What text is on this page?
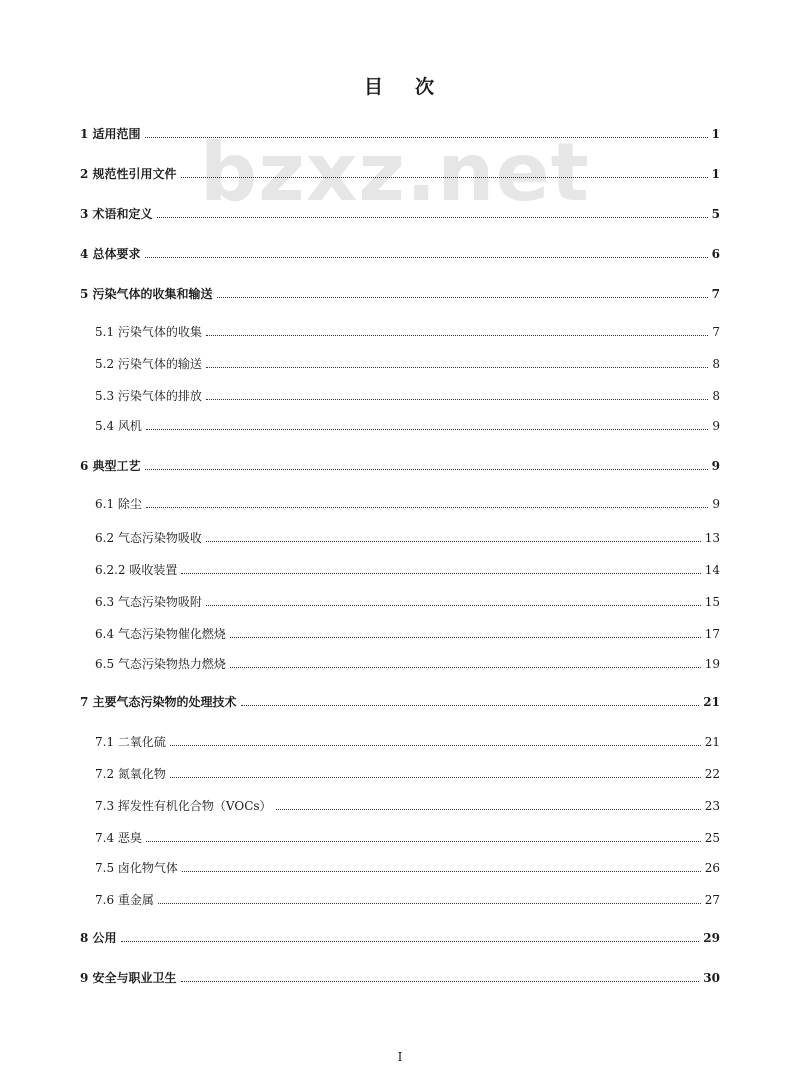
bzxz.net
目 次
1 适用范围	1
2 规范性引用文件	1
3 术语和定义	5
4 总体要求	6
5 污染气体的收集和输送	7
5.1 污染气体的收集	7
5.2 污染气体的输送	8
5.3 污染气体的排放	8
5.4 风机	9
6 典型工艺	9
6.1 除尘	9
6.2 气态污染物吸收	13
6.2.2 吸收装置	14
6.3 气态污染物吸附	15
6.4 气态污染物催化燃烧	17
6.5 气态污染物热力燃烧	19
7 主要气态污染物的处理技术	21
7.1 二氧化硫	21
7.2 氮氧化物	22
7.3 挥发性有机化合物（VOCs）	23
7.4 恶臭	25
7.5 卤化物气体	26
7.6 重金属	27
8 公用	29
9 安全与职业卫生	30
I
